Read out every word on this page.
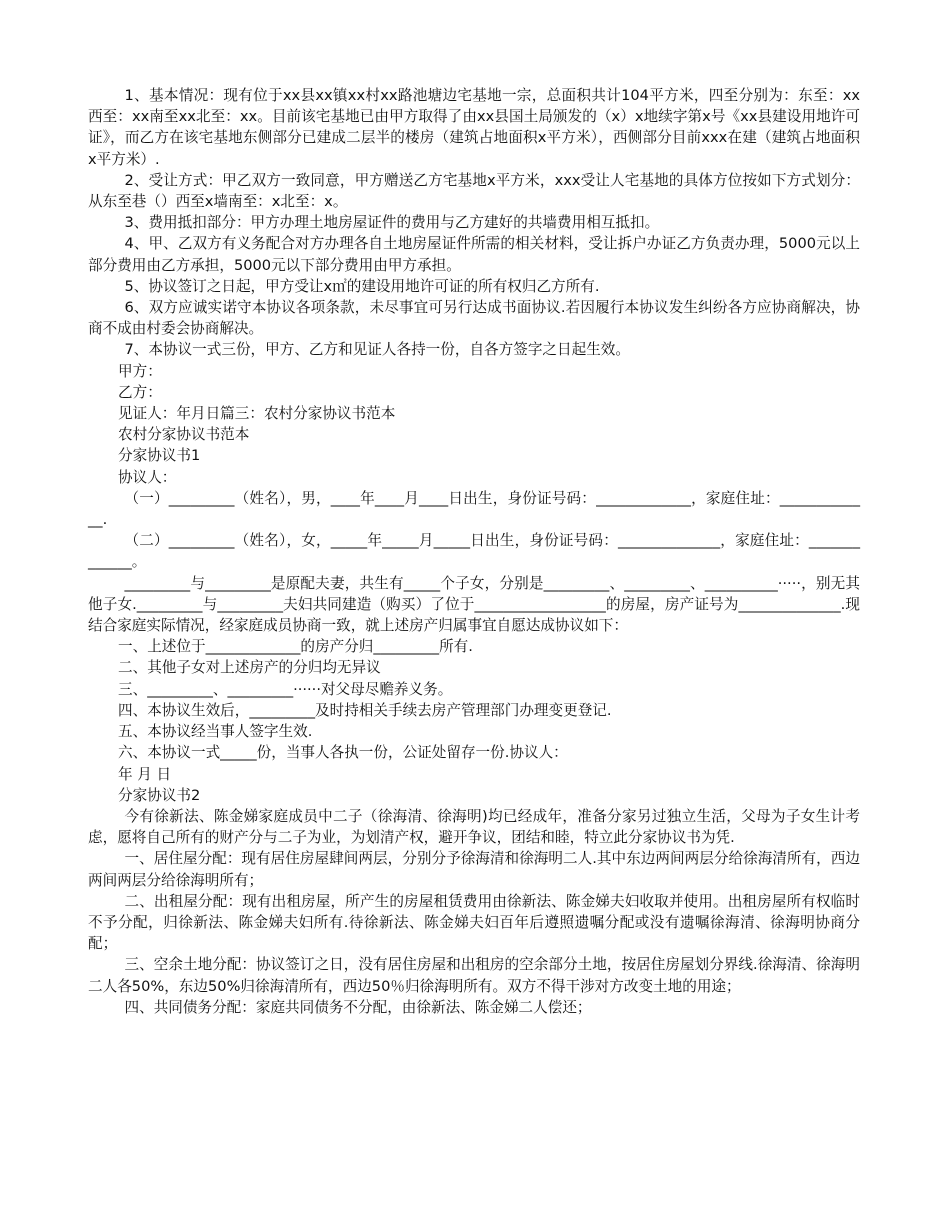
1、基本情况：现有位于xx县xx镇xx村xx路池塘边宅基地一宗，总面积共计104平方米，四至分别为：东至：xx西至：xx南至xx北至：xx。目前该宅基地已由甲方取得了由xx县国土局颁发的（x）x地续字第x号《xx县建设用地许可证》，而乙方在该宅基地东侧部分已建成二层半的楼房（建筑占地面积x平方米），西侧部分目前xxx在建（建筑占地面积x平方米）.

2、受让方式：甲乙双方一致同意，甲方赠送乙方宅基地x平方米，xxx受让人宅基地的具体方位按如下方式划分：从东至巷（）西至x墙南至：x北至：x。

3、费用抵扣部分：甲方办理土地房屋证件的费用与乙方建好的共墙费用相互抵扣。

4、甲、乙双方有义务配合对方办理各自土地房屋证件所需的相关材料，受让拆户办证乙方负责办理，5000元以上部分费用由乙方承担，5000元以下部分费用由甲方承担。

5、协议签订之日起，甲方受让x㎡的建设用地许可证的所有权归乙方所有.

6、双方应诚实诺守本协议各项条款，未尽事宜可另行达成书面协议.若因履行本协议发生纠纷各方应协商解决，协商不成由村委会协商解决。

7、本协议一式三份，甲方、乙方和见证人各持一份，自各方签字之日起生效。

甲方：

乙方：

见证人：年月日篇三：农村分家协议书范本

农村分家协议书范本

分家协议书1

协议人：

（一）_________（姓名），男，____年____月____日出生，身份证号码：_____________，家庭住址：_____________.

（二）_________（姓名），女，_____年_____月_____日出生，身份证号码：______________，家庭住址：_____________。

_________与_________是原配夫妻，共生有_____个子女，分别是_________、_________、__________·····，别无其他子女._________与_________夫妇共同建造（购买）了位于__________________的房屋，房产证号为______________.现结合家庭实际情况，经家庭成员协商一致，就上述房产归属事宜自愿达成协议如下：

一、上述位于_____________的房产分归_________所有.

二、其他子女对上述房产的分归均无异议

三、_________、_________······对父母尽赡养义务。

四、本协议生效后，_________及时持相关手续去房产管理部门办理变更登记.

五、本协议经当事人签字生效.

六、本协议一式_____份，当事人各执一份，公证处留存一份.协议人：

年 月 日

分家协议书2

今有徐新法、陈金娣家庭成员中二子（徐海清、徐海明)均已经成年，准备分家另过独立生活，父母为子女生计考虑，愿将自己所有的财产分与二子为业，为划清产权，避开争议，团结和睦，特立此分家协议书为凭.

一、居住屋分配：现有居住房屋肆间两层，分别分予徐海清和徐海明二人.其中东边两间两层分给徐海清所有，西边两间两层分给徐海明所有；

二、出租屋分配：现有出租房屋，所产生的房屋租赁费用由徐新法、陈金娣夫妇收取并使用。出租房屋所有权临时不予分配，归徐新法、陈金娣夫妇所有.待徐新法、陈金娣夫妇百年后遵照遗嘱分配或没有遗嘱徐海清、徐海明协商分配；

三、空余土地分配：协议签订之日，没有居住房屋和出租房的空余部分土地，按居住房屋划分界线.徐海清、徐海明二人各50%，东边50%归徐海清所有，西边50％归徐海明所有。双方不得干涉对方改变土地的用途；

四、共同债务分配：家庭共同债务不分配，由徐新法、陈金娣二人偿还；
